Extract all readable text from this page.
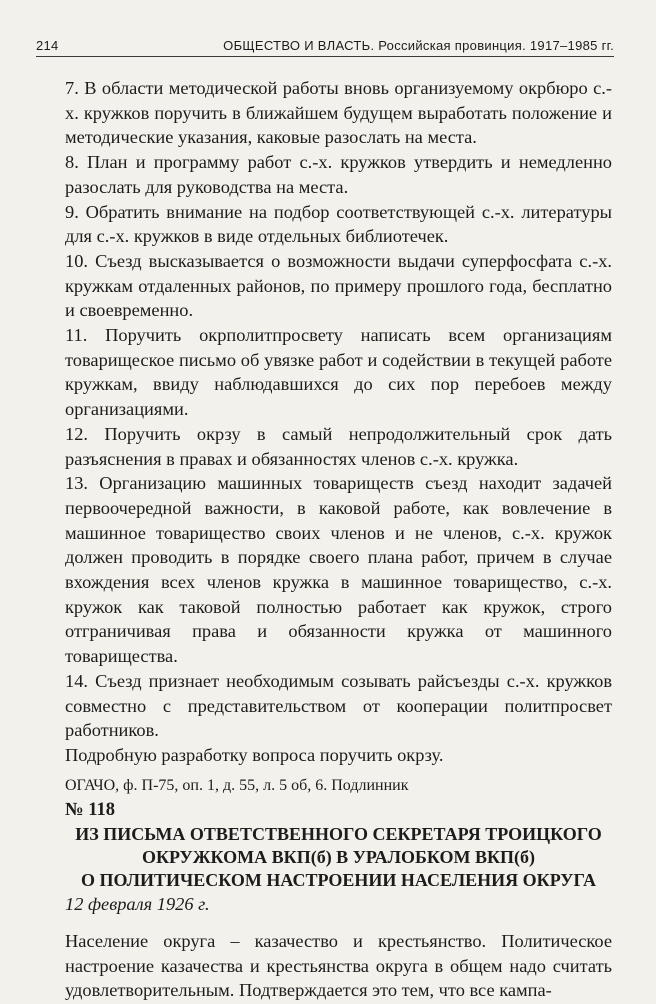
214	ОБЩЕСТВО И ВЛАСТЬ. Российская провинция. 1917–1985 гг.

7. В области методической работы вновь организуемому окрбюро с.-х. кружков поручить в ближайшем будущем выработать положение и методические указания, каковые разослать на места.

8. План и программу работ с.-х. кружков утвердить и немедленно разослать для руководства на места.

9. Обратить внимание на подбор соответствующей с.-х. литературы для с.-х. кружков в виде отдельных библиотечек.

10. Съезд высказывается о возможности выдачи суперфосфата с.-х. кружкам отдаленных районов, по примеру прошлого года, бесплатно и своевременно.

11. Поручить окрполитпросвету написать всем организациям товарищеское письмо об увязке работ и содействии в текущей работе кружкам, ввиду наблюдавшихся до сих пор перебоев между организациями.

12. Поручить окрзу в самый непродолжительный срок дать разъяснения в правах и обязанностях членов с.-х. кружка.

13. Организацию машинных товариществ съезд находит задачей первоочередной важности, в каковой работе, как вовлечение в машинное товарищество своих членов и не членов, с.-х. кружок должен проводить в порядке своего плана работ, причем в случае вхождения всех членов кружка в машинное товарищество, с.-х. кружок как таковой полностью работает как кружок, строго отграничивая права и обязанности кружка от машинного товарищества.

14. Съезд признает необходимым созывать райсъезды с.-х. кружков совместно с представительством от кооперации политпросвет работников.

Подробную разработку вопроса поручить окрзу.

ОГАЧО, ф. П-75, оп. 1, д. 55, л. 5 об, 6. Подлинник

№ 118

ИЗ ПИСЬМА ОТВЕТСТВЕННОГО СЕКРЕТАРЯ ТРОИЦКОГО

ОКРУЖКОМА ВКП(б) В УРАЛОБКОМ ВКП(б)

О ПОЛИТИЧЕСКОМ НАСТРОЕНИИ НАСЕЛЕНИЯ ОКРУГА

12 февраля 1926 г.

Население округа – казачество и крестьянство. Политическое настроение казачества и крестьянства округа в общем надо считать удовлетворительным. Подтверждается это тем, что все кампа-
